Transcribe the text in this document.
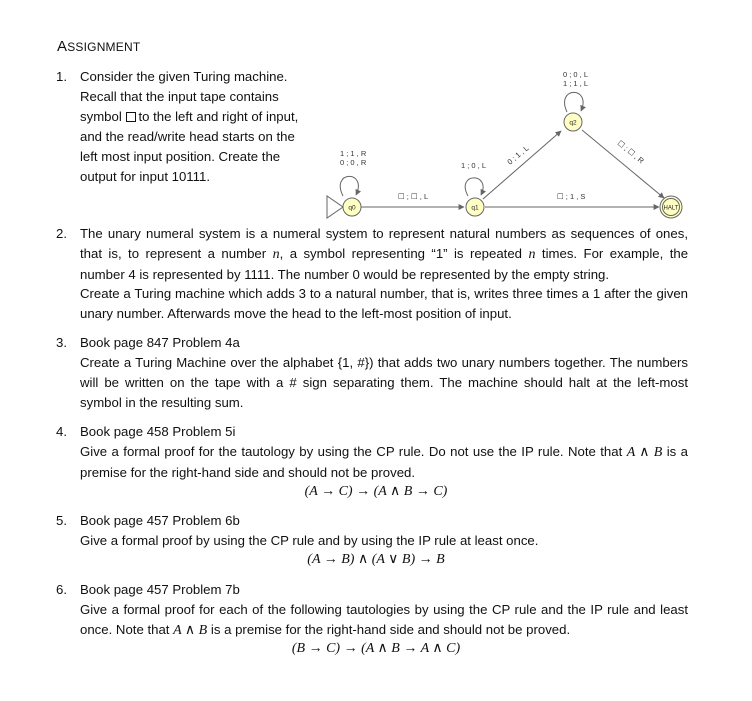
ASSIGNMENT
1. Consider the given Turing machine.
Recall that the input tape contains
symbol to the left and right of input,
and the read/write head starts on the
left most input position. Create the
output for input 10111.
q0	q1
q2
HALT
1 ; 1 , R
0 ; 0 , R
☐ ; ☐ , L
1 ; 0 , L	0 ; 1 , L
0 ; 0 , L
1 ; 1 , L
☐ ; ☐ , R
☐ ; 1 , S
2. The unary numeral system is a numeral system to represent natural numbers as sequences of ones, that is, to represent a number n, a symbol representing “1” is repeated n times. For example, the number 4 is represented by 1111. The number 0 would be represented by the empty string.
Create a Turing machine which adds 3 to a natural number, that is, writes three times a 1 after the given unary number. Afterwards move the head to the left-most position of input.
3. Book page 847 Problem 4a
Create a Turing Machine over the alphabet {1, #}) that adds two unary numbers together. The numbers will be written on the tape with a # sign separating them. The machine should halt at the left-most symbol in the resulting sum.
4. Book page 458 Problem 5i
Give a formal proof for the tautology by using the CP rule. Do not use the IP rule. Note that A ∧ B is a premise for the right-hand side and should not be proved.
(A → C) → (A ∧ B → C)
5. Book page 457 Problem 6b
Give a formal proof by using the CP rule and by using the IP rule at least once.
(A → B) ∧ (A ∨ B) → B
6. Book page 457 Problem 7b
Give a formal proof for each of the following tautologies by using the CP rule and the IP rule and least once. Note that A ∧ B is a premise for the right-hand side and should not be proved.
(B → C) → (A ∧ B → A ∧ C)
